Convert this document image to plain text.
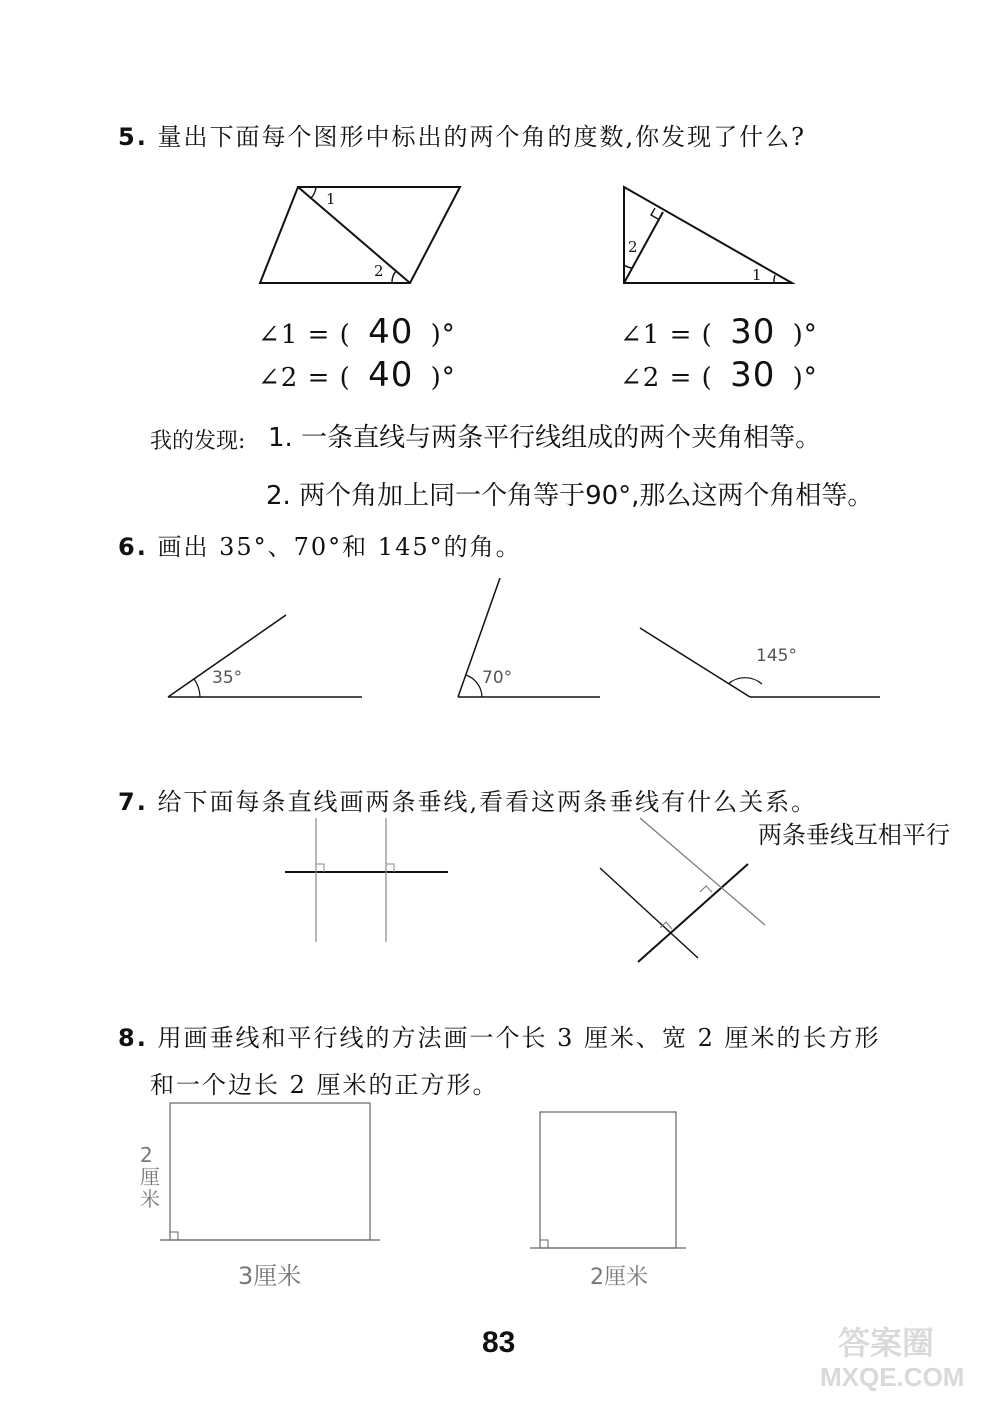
5. 量出下面每个图形中标出的两个角的度数,你发现了什么?
1
2
2
1
∠1 = ( 40 )°
∠2 = ( 40 )°
∠1 = ( 30 )°
∠2 = ( 30 )°
我的发现: 1. 一条直线与两条平行线组成的两个夹角相等。
2. 两个角加上同一个角等于90°,那么这两个角相等。
6. 画出 35°、70°和 145°的角。
35°	70°
145°
7. 给下面每条直线画两条垂线,看看这两条垂线有什么关系。
两条垂线互相平行
8. 用画垂线和平行线的方法画一个长 3 厘米、宽 2 厘米的长方形
和一个边长 2 厘米的正方形。
3厘米
2厘米
2厘米
83	答案圈
MXQE.COM
